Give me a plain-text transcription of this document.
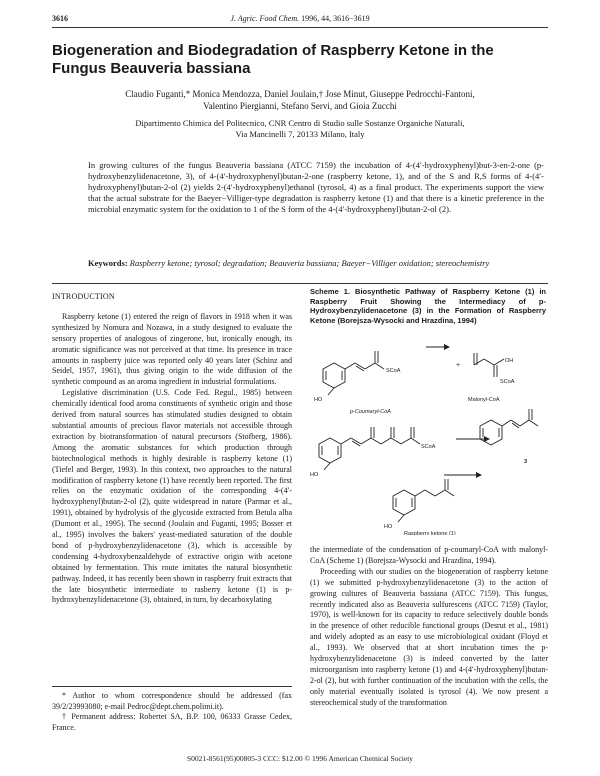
3616	J. Agric. Food Chem. 1996, 44, 3616−3619
Biogeneration and Biodegradation of Raspberry Ketone in the
Fungus Beauveria bassiana
Claudio Fuganti,* Monica Mendozza, Daniel Joulain,† Jose Minut, Giuseppe Pedrocchi-Fantoni,
Valentino Piergianni, Stefano Servi, and Gioia Zucchi
Dipartimento Chimica del Politecnico, CNR Centro di Studio sulle Sostanze Organiche Naturali,
Via Mancinelli 7, 20133 Milano, Italy
In growing cultures of the fungus Beauveria bassiana (ATCC 7159) the incubation of 4-(4′-hydroxyphenyl)but-3-en-2-one (p-hydroxybenzylidenacetone, 3), of 4-(4′-hydroxyphenyl)butan-2-one (raspberry ketone, 1), and of the S and R,S forms of 4-(4′-hydroxyphenyl)butan-2-ol (2) yields 2-(4′-hydroxyphenyl)ethanol (tyrosol, 4) as a final product. The experiments support the view that the actual substrate for the Baeyer−Villiger-type degradation is raspberry ketone (1) and that there is a kinetic preference in the microbial enzymatic system for the oxidation to 1 of the S form of the 4-(4′-hydroxyphenyl)butan-2-ol (2).
Keywords: Raspberry ketone; tyrosol; degradation; Beauveria bassiana; Baeyer−Villiger oxidation; stereochemistry
INTRODUCTION

Raspberry ketone (1) entered the reign of flavors in 1918 when it was synthesized by Nomura and Nozawa, in a study designed to evaluate the sensory properties of analogous of zingerone, but, ironically enough, its aromatic significance was not perceived at that time. Its presence in trace amounts in raspberry juice was reported only 40 years later (Schinz and Seidel, 1957, 1961), thus giving origin to the wide diffusion of the synthetic compound as an aroma ingredient in industrial formulations.

Legislative discrimination (U.S. Code Fed. Regul., 1985) between chemically identical food aroma constituents of synthetic origin and those derived from natural sources has stimulated studies designed to obtain substantial amounts of precious flavor materials not accessible through extraction by biotransformation of natural precursors (Stofberg, 1986). Among the aromatic substances for which production through biotechnological methods is highly desirable is raspberry ketone (1) (Tiefel and Berger, 1993). In this context, two approaches to the natural modification of raspberry ketone (1) have recently been reported. The first relies on the enzymatic oxidation of the corresponding 4-(4′-hydroxyphenyl)butan-2-ol (2), quite widespread in nature (Parmar et al., 1991), obtained by hydrolysis of the glycoside extracted from Betula alba (Dumont et al., 1995). The second (Joulain and Fuganti, 1995; Bosser et al., 1995) involves the bakers' yeast-mediated saturation of the double bond of p-hydroxybenzylidenacetone (3), which is accessible by condensing 4-hydroxybenzaldehyde of extractive origin with acetone obtained by fermentation. This route imitates the natural biosynthetic pathway. Indeed, it has recently been shown in raspberry fruit extracts that the late biosynthetic intermediate to rasberry ketone (1) is p-hydroxybenzylidenacetone (3), obtained, in turn, by decarboxylating

* Author to whom correspondence should be addressed (fax 39/2/23993080; e-mail Pedroc@dept.chem.polimi.it).
† Permanent address: Robertet SA, B.P. 100, 06333 Grasse Cedex, France.
Scheme 1. Biosynthetic Pathway of Raspberry Ketone (1) in Raspberry Fruit Showing the Intermediacy of p-Hydroxybenzylidenacetone (3) in the Formation of Raspberry Ketone (Borejsza-Wysocki and Hrazdina, 1994)
SCoA
HO
p-Coumaryl-CoA
+
OH
SCoA
Malonyl-CoA
SCoA
HO
3
HO
Raspberry ketone (1)

the intermediate of the condensation of p-coumaryl-CoA with malonyl-CoA (Scheme 1) (Borejsza-Wysocki and Hrazdina, 1994).

Proceeding with our studies on the biogeneration of raspberry ketone (1) we submitted p-hydroxybenzylidenacetone (3) to the action of growing cultures of Beauveria bassiana (ATCC 7159). This fungus, recently indicated also as Beauveria sulfurescens (ATCC 7159) (Taylor, 1970), is well-known for its capacity to reduce selectively double bonds in the presence of other reducible functional groups (Desrut et al., 1981) and widely adopted as an easy to use microbiological oxidant (Floyd et al., 1993). We observed that at short incubation times the p-hydroxybenzylidenacetone (3) is indeed converted by the latter microorganism into raspberry ketone (1) and 4-(4′-hydroxyphenyl)butan-2-ol (2), but with further continuation of the incubation with the cells, the only material eventually isolated is tyrosol (4). We now present a stereochemical study of the transformation

S0021-8561(95)00805-3 CCC: $12.00 © 1996 American Chemical Society
